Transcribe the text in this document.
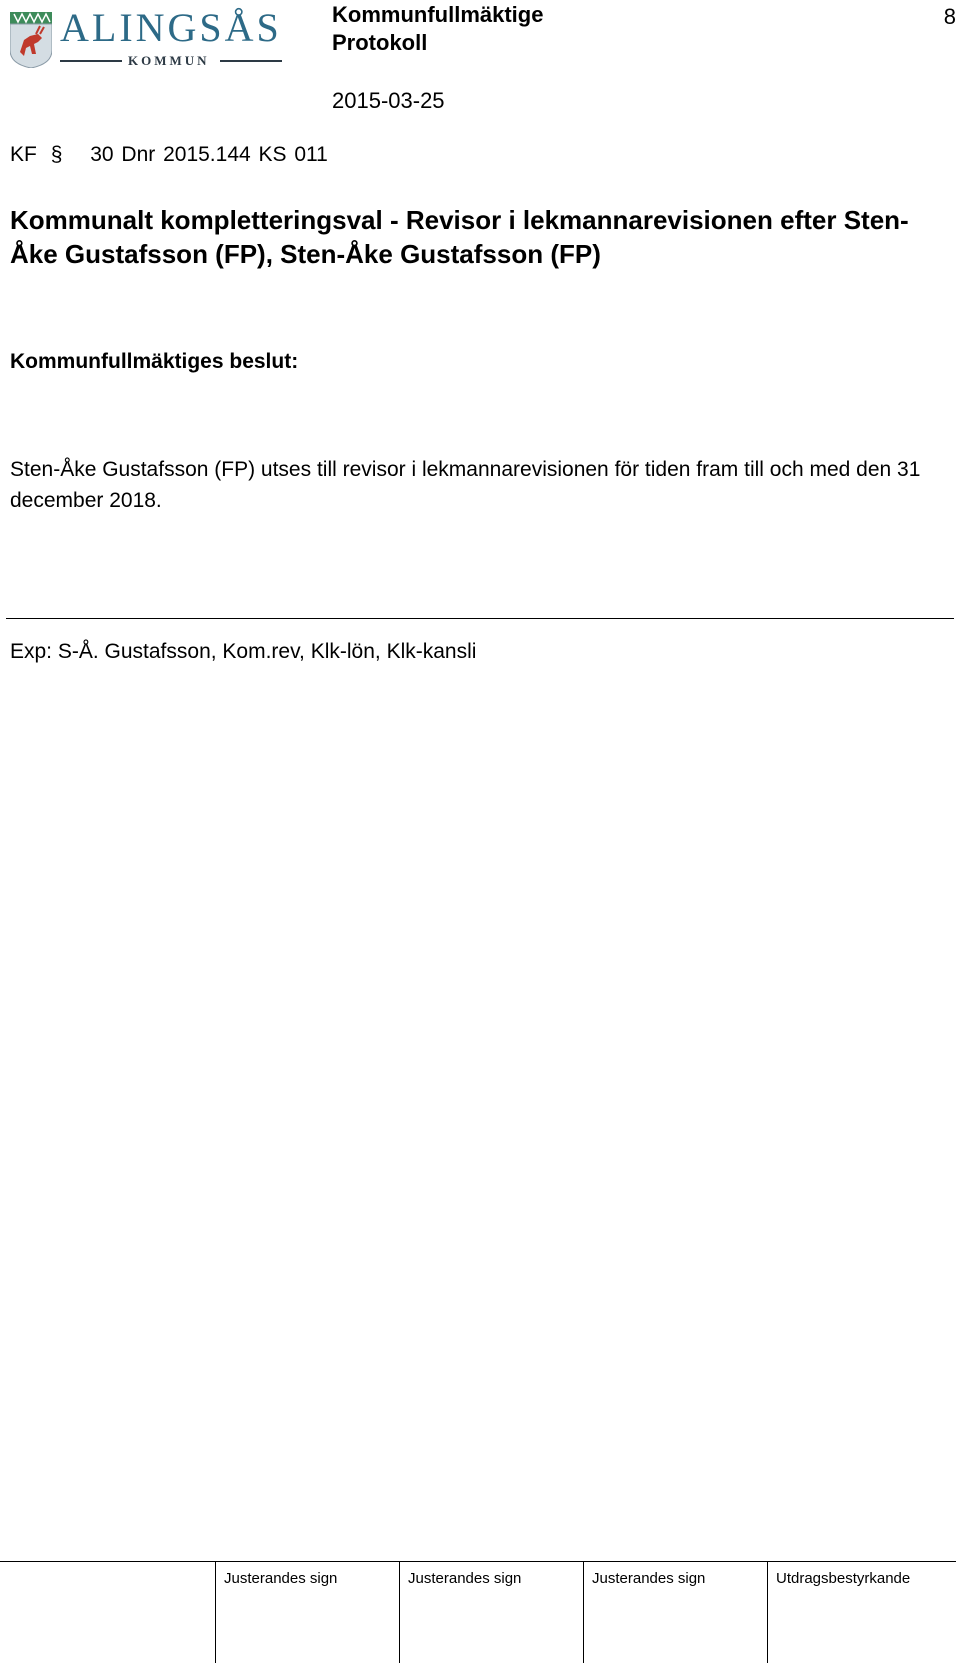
ALINGSÅS
KOMMUN
Kommunfullmäktige
Protokoll
2015-03-25
8
KF § 30 Dnr 2015.144 KS 011
Kommunalt kompletteringsval - Revisor i lekmannarevisionen efter Sten-Åke Gustafsson (FP), Sten-Åke Gustafsson (FP)
Kommunfullmäktiges beslut:
Sten-Åke Gustafsson (FP) utses till revisor i lekmannarevisionen för tiden fram till och med den 31 december 2018.
Exp: S-Å. Gustafsson, Kom.rev, Klk-lön, Klk-kansli
Justerandes sign	Justerandes sign	Justerandes sign	Utdragsbestyrkande
